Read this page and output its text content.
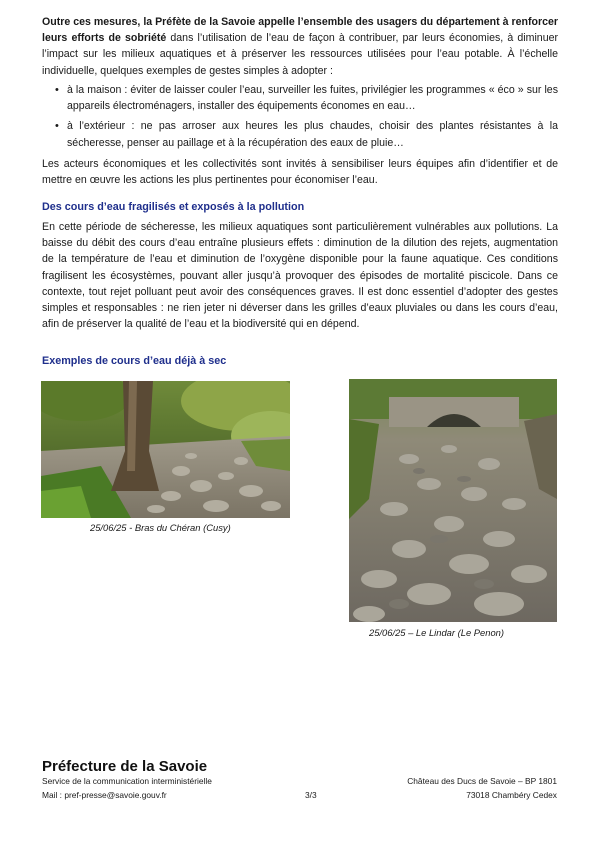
Outre ces mesures, la Préfète de la Savoie appelle l’ensemble des usagers du département à renforcer leurs efforts de sobriété dans l’utilisation de l’eau de façon à contribuer, par leurs économies, à diminuer l’impact sur les milieux aquatiques et à préserver les ressources utilisées pour l’eau potable. À l’échelle individuelle, quelques exemples de gestes simples à adopter :

à la maison : éviter de laisser couler l’eau, surveiller les fuites, privilégier les programmes « éco » sur les appareils électroménagers, installer des équipements économes en eau…
à l’extérieur : ne pas arroser aux heures les plus chaudes, choisir des plantes résistantes à la sécheresse, penser au paillage et à la récupération des eaux de pluie…

Les acteurs économiques et les collectivités sont invités à sensibiliser leurs équipes afin d’identifier et de mettre en œuvre les actions les plus pertinentes pour économiser l’eau.

Des cours d’eau fragilisés et exposés à la pollution

En cette période de sécheresse, les milieux aquatiques sont particulièrement vulnérables aux pollutions. La baisse du débit des cours d’eau entraîne plusieurs effets : diminution de la dilution des rejets, augmentation de la température de l’eau et diminution de l’oxygène disponible pour la faune aquatique. Ces conditions fragilisent les écosystèmes, pouvant aller jusqu’à provoquer des épisodes de mortalité piscicole. Dans ce contexte, tout rejet polluant peut avoir des conséquences graves. Il est donc essentiel d’adopter des gestes simples et responsables : ne rien jeter ni déverser dans les grilles d’eaux pluviales ou dans les cours d’eau, afin de préserver la qualité de l’eau et la biodiversité qui en dépend.

Exemples de cours d’eau déjà à sec
25/06/25 - Bras du Chéran (Cusy)
25/06/25 – Le Lindar (Le Penon)
Préfecture de la Savoie
Service de la communication interministérielle
Mail : pref-presse@savoie.gouv.fr	3/3
Château des Ducs de Savoie – BP 1801
73018 Chambéry Cedex
